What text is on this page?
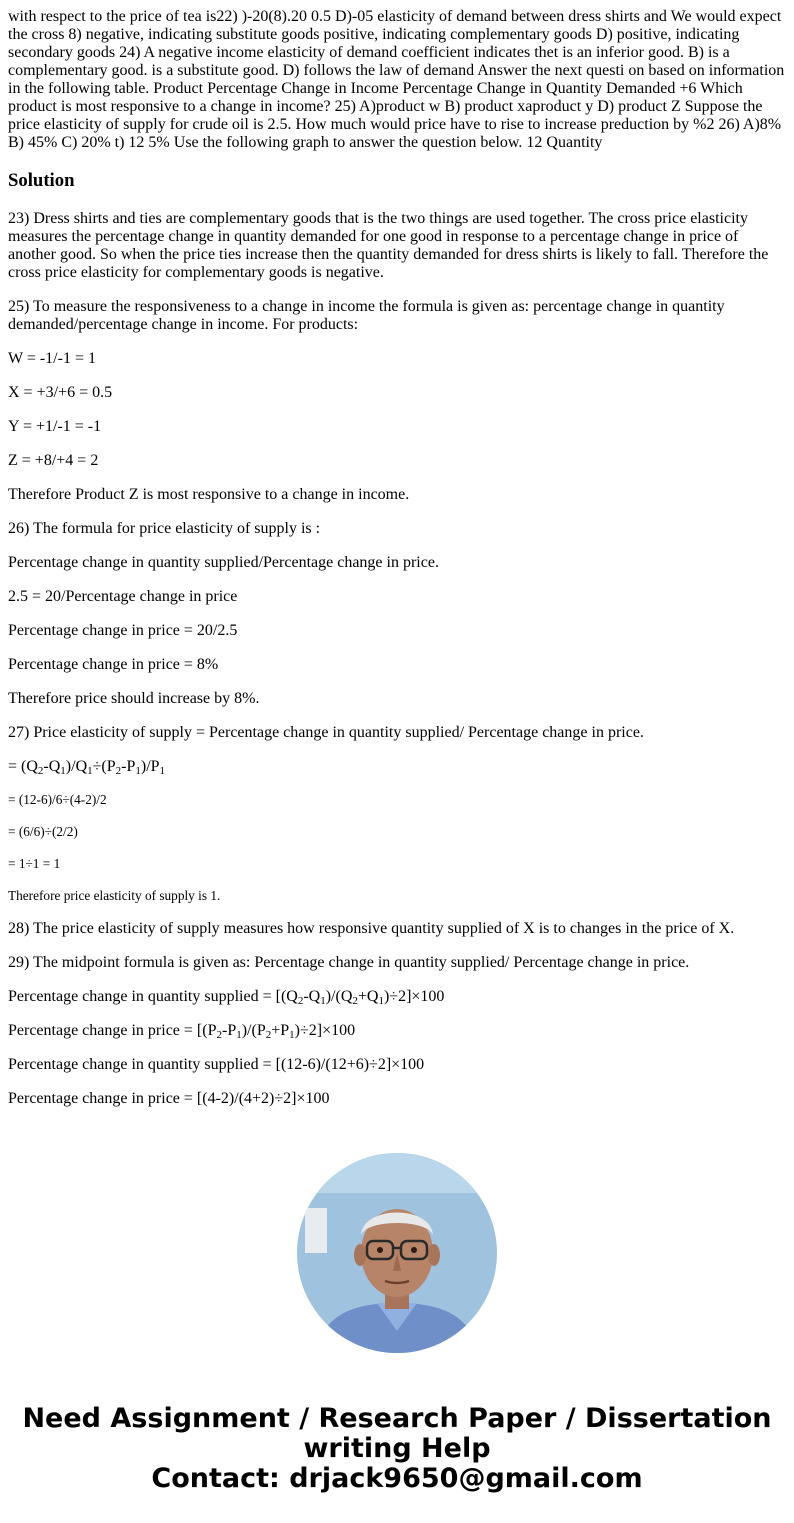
with respect to the price of tea is22) )-20(8).20 0.5 D)-05 elasticity of demand between dress shirts and We would expect the cross 8) negative, indicating substitute goods positive, indicating complementary goods D) positive, indicating secondary goods 24) A negative income elasticity of demand coefficient indicates thet is an inferior good. B) is a complementary good. is a substitute good. D) follows the law of demand Answer the next questi on based on information in the following table. Product Percentage Change in Income Percentage Change in Quantity Demanded +6 Which product is most responsive to a change in income? 25) A)product w B) product xaproduct y D) product Z Suppose the price elasticity of supply for crude oil is 2.5. How much would price have to rise to increase preduction by %2 26) A)8% B) 45% C) 20% t) 12 5% Use the following graph to answer the question below. 12 Quantity

Solution

23) Dress shirts and ties are complementary goods that is the two things are used together. The cross price elasticity measures the percentage change in quantity demanded for one good in response to a percentage change in price of another good. So when the price ties increase then the quantity demanded for dress shirts is likely to fall. Therefore the cross price elasticity for complementary goods is negative.

25) To measure the responsiveness to a change in income the formula is given as: percentage change in quantity demanded/percentage change in income. For products:

W = -1/-1 = 1

X = +3/+6 = 0.5

Y = +1/-1 = -1

Z = +8/+4 = 2

Therefore Product Z is most responsive to a change in income.

26) The formula for price elasticity of supply is :

Percentage change in quantity supplied/Percentage change in price.

2.5 = 20/Percentage change in price

Percentage change in price = 20/2.5

Percentage change in price = 8%

Therefore price should increase by 8%.

27) Price elasticity of supply = Percentage change in quantity supplied/ Percentage change in price.

= $(Q_2-Q_1)/Q_1\div(P_2-P_1)/P_1$

= (12-6)/6÷(4-2)/2

= (6/6)÷(2/2)

= 1÷1 = 1

Therefore price elasticity of supply is 1.

28) The price elasticity of supply measures how responsive quantity supplied of X is to changes in the price of X.

29) The midpoint formula is given as: Percentage change in quantity supplied/ Percentage change in price.

Percentage change in quantity supplied = $[(Q_2-Q_1)/(Q_2+Q_1)\div 2]\times 100$

Percentage change in price = $[(P_2-P_1)/(P_2+P_1)\div 2]\times 100$

Percentage change in quantity supplied = [(12-6)/(12+6)÷2]×100

Percentage change in price = [(4-2)/(4+2)÷2]×100

Need Assignment / Research Paper / Dissertation
writing Help
Contact: drjack9650@gmail.com
